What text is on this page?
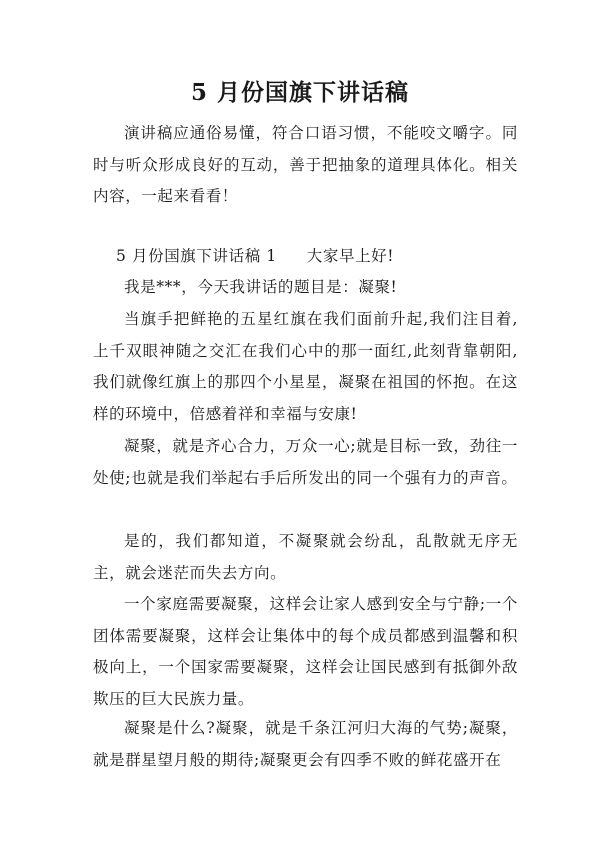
5 月份国旗下讲话稿
演讲稿应通俗易懂，符合口语习惯，不能咬文嚼字。同时与听众形成良好的互动，善于把抽象的道理具体化。相关内容，一起来看看！
5 月份国旗下讲话稿 1 大家早上好!
我是***，今天我讲话的题目是：凝聚!
当旗手把鲜艳的五星红旗在我们面前升起,我们注目着,上千双眼神随之交汇在我们心中的那一面红,此刻背靠朝阳,我们就像红旗上的那四个小星星，凝聚在祖国的怀抱。在这样的环境中，倍感着祥和幸福与安康!
凝聚，就是齐心合力，万众一心;就是目标一致，劲往一处使;也就是我们举起右手后所发出的同一个强有力的声音。
是的，我们都知道，不凝聚就会纷乱，乱散就无序无主，就会迷茫而失去方向。
一个家庭需要凝聚，这样会让家人感到安全与宁静;一个团体需要凝聚，这样会让集体中的每个成员都感到温馨和积极向上，一个国家需要凝聚，这样会让国民感到有抵御外敌欺压的巨大民族力量。
凝聚是什么?凝聚，就是千条江河归大海的气势;凝聚，就是群星望月般的期待;凝聚更会有四季不败的鲜花盛开在
